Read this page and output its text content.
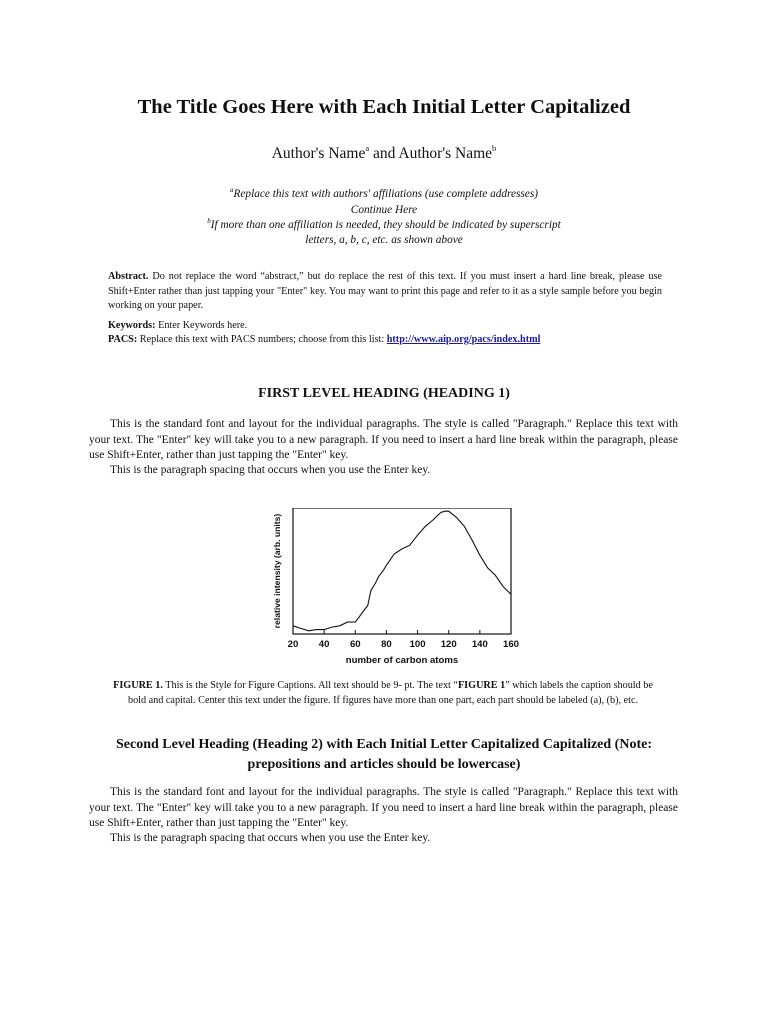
The Title Goes Here with Each Initial Letter Capitalized
Author's Name$^a$ and Author's Name$^b$
$^a$Replace this text with authors' affiliations (use complete addresses)
Continue Here
$^b$If more than one affiliation is needed, they should be indicated by superscript
letters, a, b, c, etc. as shown above
Abstract. Do not replace the word “abstract,” but do replace the rest of this text. If you must insert a hard line break, please use Shift+Enter rather than just tapping your "Enter" key. You may want to print this page and refer to it as a style sample before you begin working on your paper.
Keywords: Enter Keywords here.
PACS: Replace this text with PACS numbers; choose from this list: http://www.aip.org/pacs/index.html
FIRST LEVEL HEADING (HEADING 1)
This is the standard font and layout for the individual paragraphs. The style is called "Paragraph." Replace this text with your text. The "Enter" key will take you to a new paragraph. If you need to insert a hard line break within the paragraph, please use Shift+Enter, rather than just tapping the "Enter" key.
This is the paragraph spacing that occurs when you use the Enter key.
20 40 60 80 100 120 140 160
relative intensity (arb. units)
number of carbon atoms
FIGURE 1. This is the Style for Figure Captions. All text should be 9- pt. The text “FIGURE 1” which labels the caption should be bold and capital. Center this text under the figure. If figures have more than one part, each part should be labeled (a), (b), etc.
Second Level Heading (Heading 2) with Each Initial Letter Capitalized Capitalized (Note: prepositions and articles should be lowercase)
This is the standard font and layout for the individual paragraphs. The style is called "Paragraph." Replace this text with your text. The "Enter" key will take you to a new paragraph. If you need to insert a hard line break within the paragraph, please use Shift+Enter, rather than just tapping the "Enter" key.
This is the paragraph spacing that occurs when you use the Enter key.
